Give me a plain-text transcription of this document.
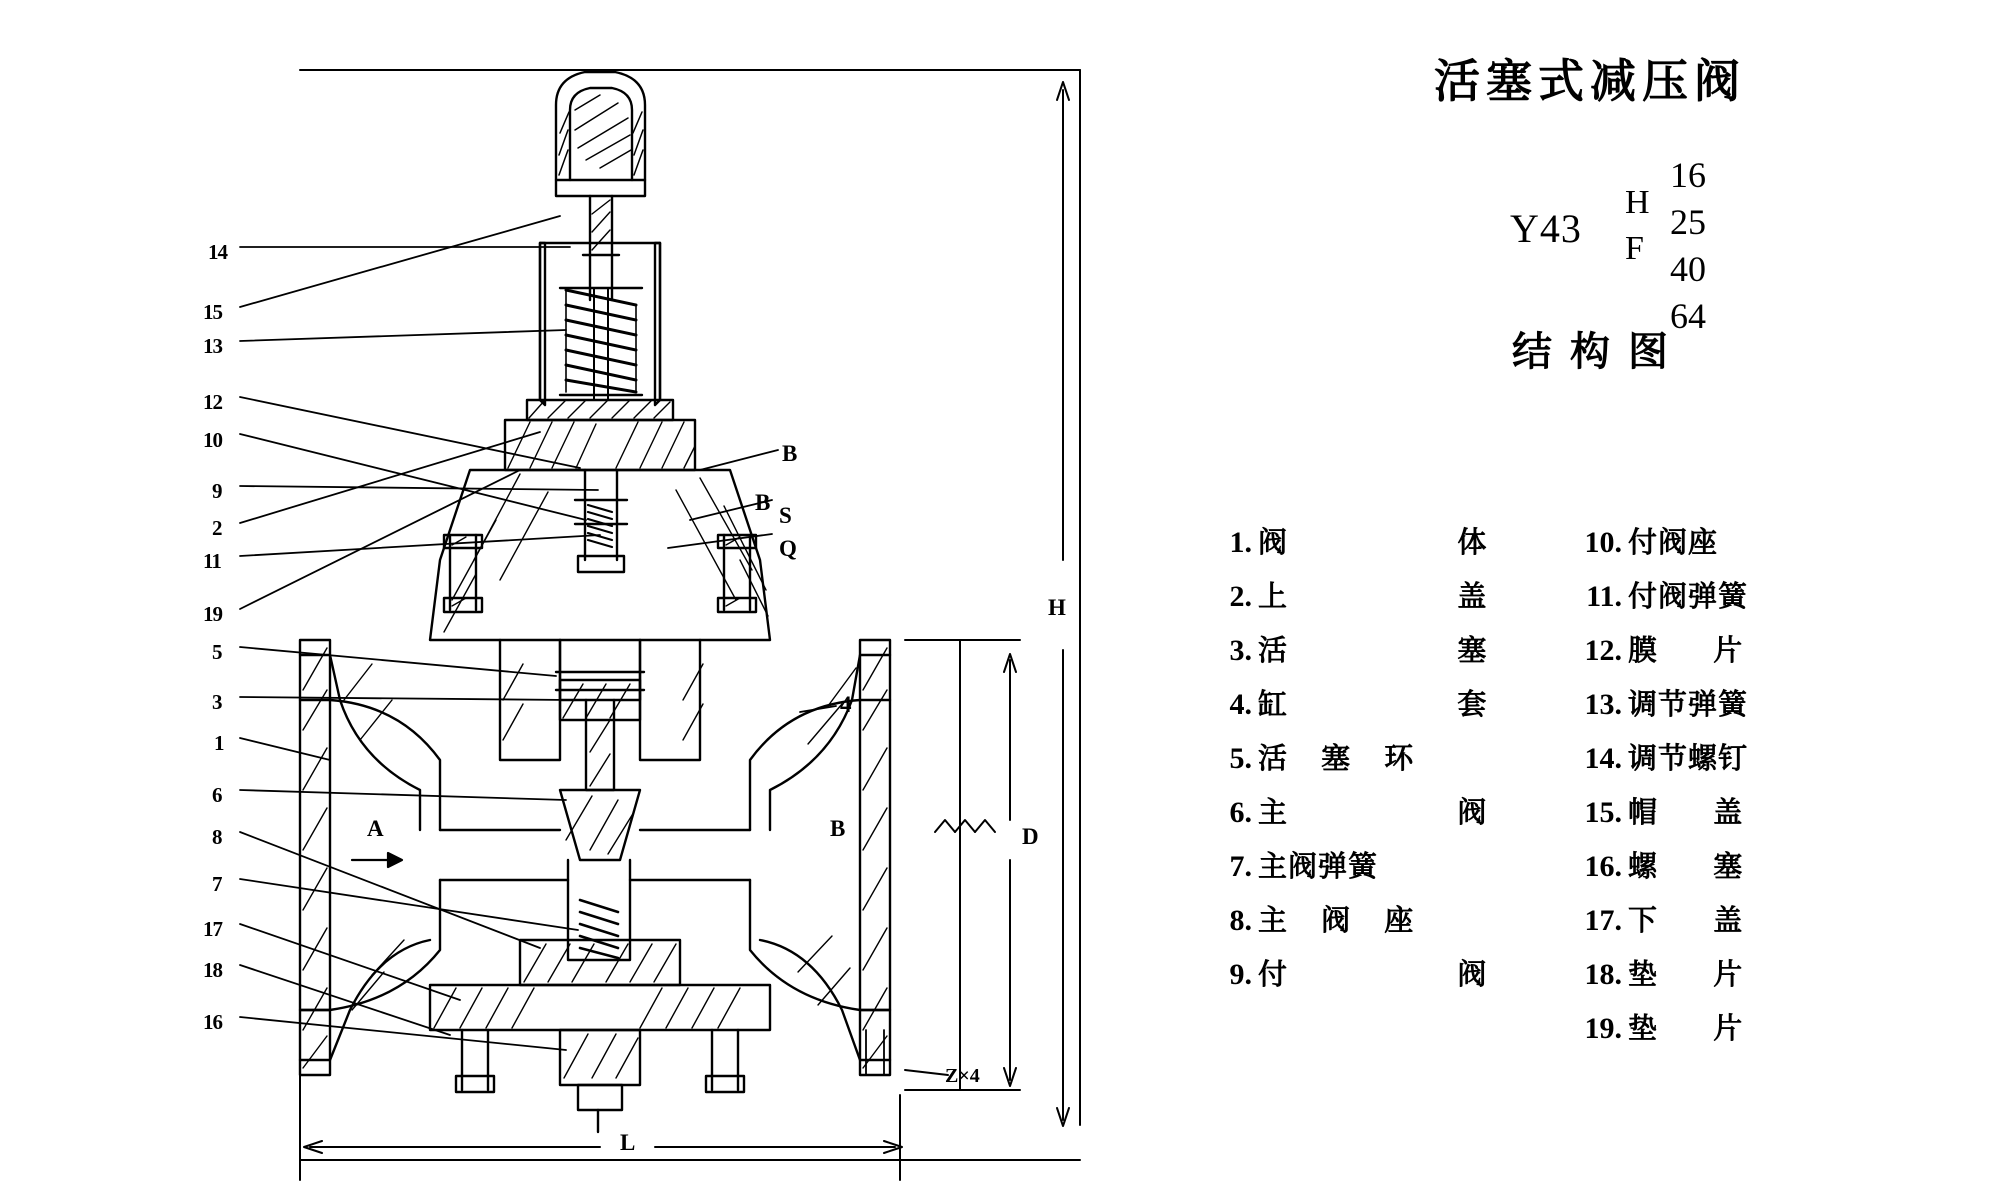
14
15
13
12
10
9
2
11
19
5
3
1
6
8
7
17
18
16
B
B
S
Q
4
A	B
H
D
L
Z×4
活塞式减压阀
Y43
H
F
16
25
40
64
结构图
1. 阀    体
2. 上    盖
3. 活    塞
4. 缸    套
5. 活 塞 环
6. 主    阀
7. 主阀弹簧
8. 主 阀 座
9. 付    阀
10. 付阀座
11. 付阀弹簧
12. 膜  片
13. 调节弹簧
14. 调节螺钉
15. 帽  盖
16. 螺  塞
17. 下  盖
18. 垫  片
19. 垫  片
